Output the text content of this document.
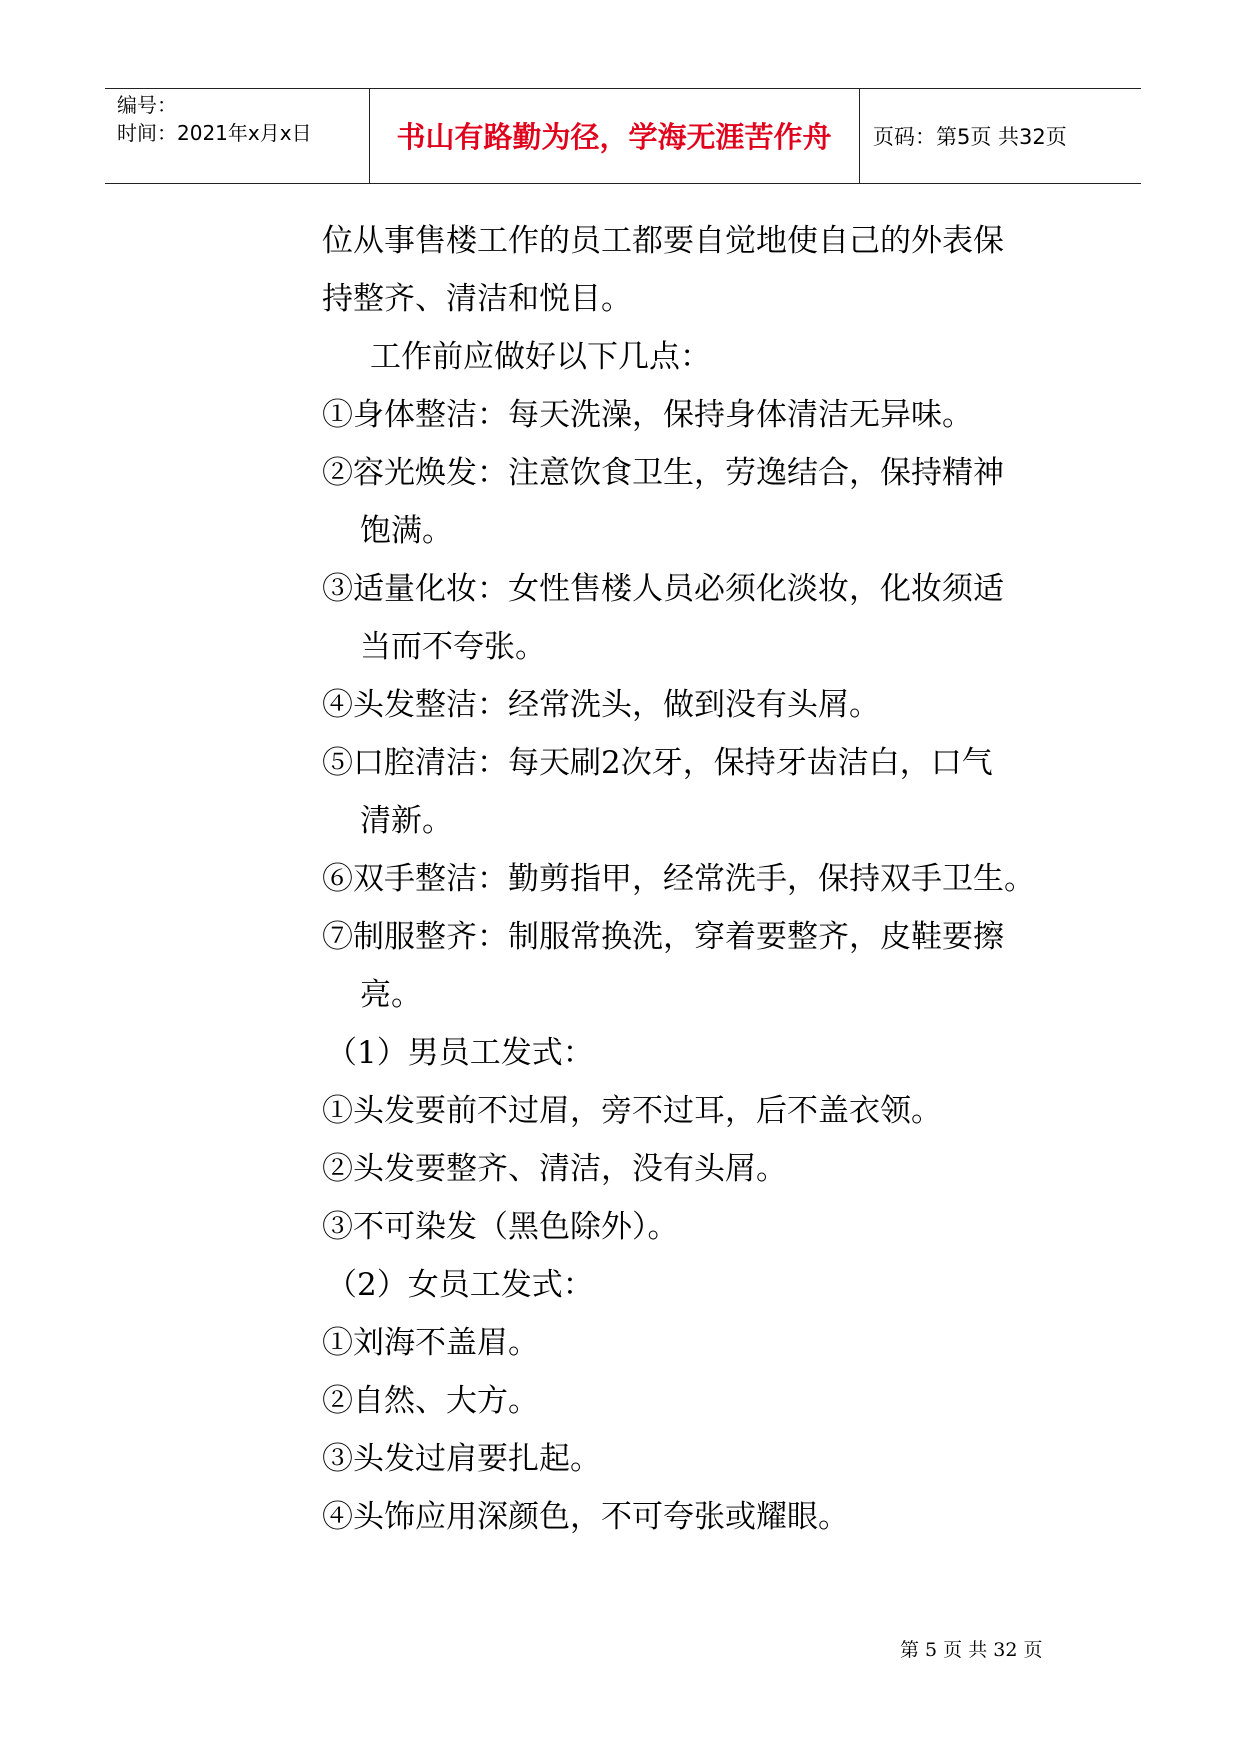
编号：
时间：2021年x月x日	书山有路勤为径，学海无涯苦作舟	页码：第5页 共32页

位从事售楼工作的员工都要自觉地使自己的外表保

持整齐、清洁和悦目。

工作前应做好以下几点：

①身体整洁：每天洗澡，保持身体清洁无异味。

②容光焕发：注意饮食卫生，劳逸结合，保持精神

饱满。

③适量化妆：女性售楼人员必须化淡妆，化妆须适

当而不夸张。

④头发整洁：经常洗头，做到没有头屑。

⑤口腔清洁：每天刷2次牙，保持牙齿洁白，口气

清新。

⑥双手整洁：勤剪指甲，经常洗手，保持双手卫生。

⑦制服整齐：制服常换洗，穿着要整齐，皮鞋要擦

亮。

（1）男员工发式：

①头发要前不过眉，旁不过耳，后不盖衣领。

②头发要整齐、清洁，没有头屑。

③不可染发（黑色除外）。

（2）女员工发式：

①刘海不盖眉。

②自然、大方。

③头发过肩要扎起。

④头饰应用深颜色，不可夸张或耀眼。

第 5 页 共 32 页
